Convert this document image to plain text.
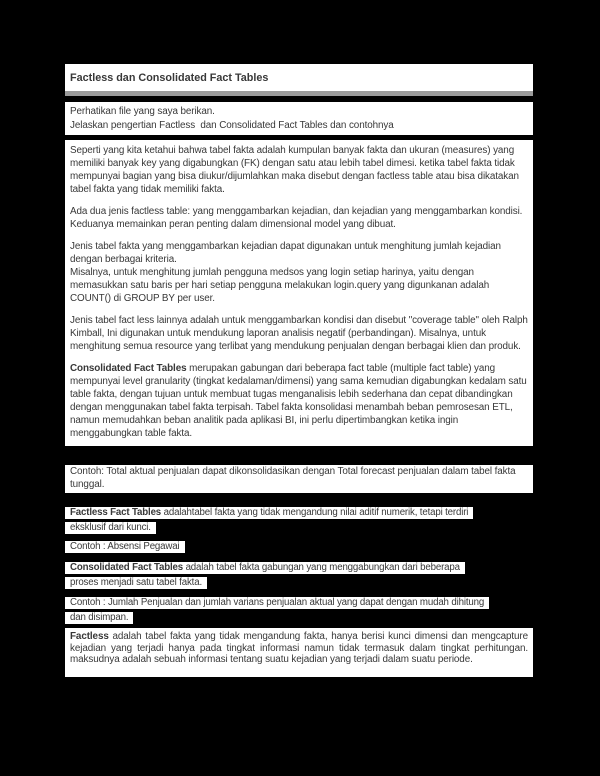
Factless dan Consolidated Fact Tables
Perhatikan file yang saya berikan.
Jelaskan pengertian Factless  dan Consolidated Fact Tables dan contohnya

Seperti yang kita ketahui bahwa tabel fakta adalah kumpulan banyak fakta dan ukuran (measures) yang memiliki banyak key yang digabungkan (FK) dengan satu atau lebih tabel dimesi. ketika tabel fakta tidak mempunyai bagian yang bisa diukur/dijumlahkan maka disebut dengan factless table atau bisa dikatakan tabel fakta yang tidak memiliki fakta.

Ada dua jenis factless table: yang menggambarkan kejadian, dan kejadian yang menggambarkan kondisi. Keduanya memainkan peran penting dalam dimensional model yang dibuat.

Jenis tabel fakta yang menggambarkan kejadian dapat digunakan untuk menghitung jumlah kejadian dengan berbagai kriteria.
Misalnya, untuk menghitung jumlah pengguna medsos yang login setiap harinya, yaitu dengan memasukkan satu baris per hari setiap pengguna melakukan login.query yang digunkanan adalah COUNT() di GROUP BY per user.

Jenis tabel fact less lainnya adalah untuk menggambarkan kondisi dan disebut "coverage table" oleh Ralph Kimball, Ini digunakan untuk mendukung laporan analisis negatif (perbandingan). Misalnya, untuk menghitung semua resource yang terlibat yang mendukung penjualan dengan berbagai klien dan produk.

Consolidated Fact Tables merupakan gabungan dari beberapa fact table (multiple fact table) yang mempunyai level granularity (tingkat kedalaman/dimensi) yang sama kemudian digabungkan kedalam satu table fakta, dengan tujuan untuk membuat tugas menganalisis lebih sederhana dan cepat dibandingkan dengan menggunakan tabel fakta terpisah. Tabel fakta konsolidasi menambah beban pemrosesan ETL, namun memudahkan beban analitik pada aplikasi BI, ini perlu dipertimbangkan ketika ingin menggabungkan table fakta.

Contoh: Total aktual penjualan dapat dikonsolidasikan dengan Total forecast penjualan dalam tabel fakta tunggal.
Factless Fact Tables adalahtabel fakta yang tidak mengandung nilai aditif numerik, tetapi terdiri
eksklusif dari kunci.
Contoh : Absensi Pegawai
Consolidated Fact Tables adalah tabel fakta gabungan yang menggabungkan dari beberapa
proses menjadi satu tabel fakta.
Contoh : Jumlah Penjualan dan jumlah varians penjualan aktual yang dapat dengan mudah dihitung
dan disimpan.
Factless adalah tabel fakta yang tidak mengandung fakta, hanya berisi kunci dimensi dan mengcapture kejadian yang terjadi hanya pada tingkat informasi namun tidak termasuk dalam tingkat perhitungan. maksudnya adalah sebuah informasi tentang suatu kejadian yang terjadi dalam suatu periode.
